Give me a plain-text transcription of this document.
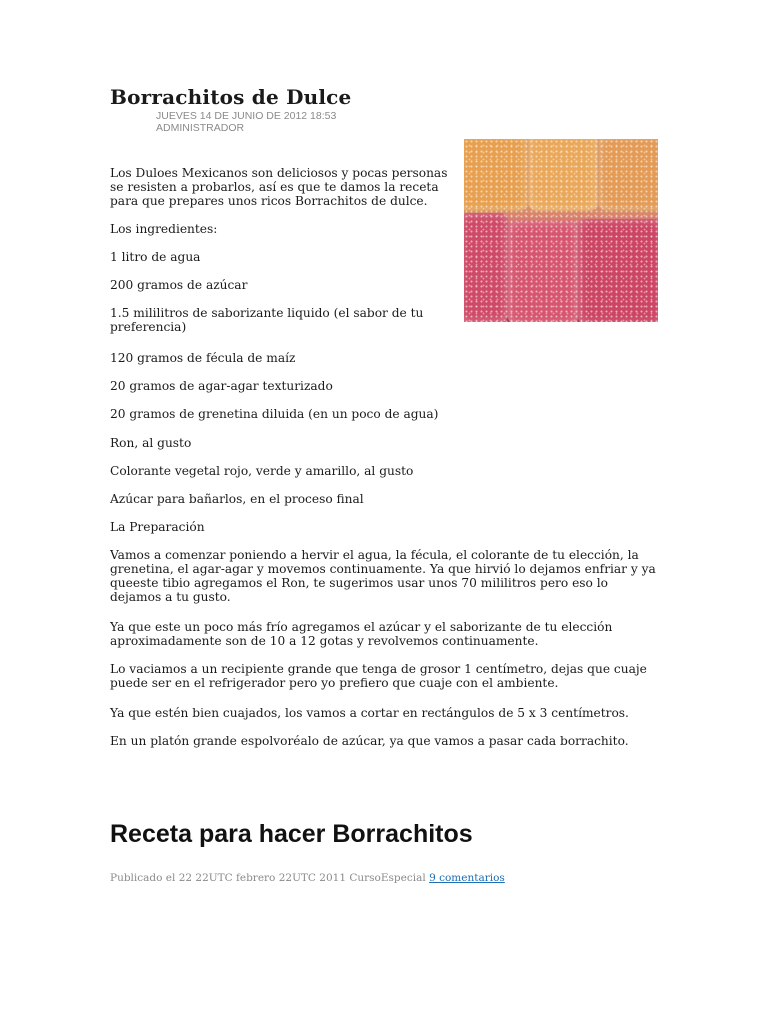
Borrachitos de Dulce
JUEVES 14 DE JUNIO DE 2012 18:53
ADMINISTRADOR

Los Duloes Mexicanos son deliciosos y pocas personas se resisten a probarlos, así es que te damos la receta para que prepares unos ricos Borrachitos de dulce.

Los ingredientes:

1 litro de agua

200 gramos de azúcar

1.5 mililitros de saborizante liquido (el sabor de tu preferencia)

120 gramos de fécula de maíz

20 gramos de agar-agar texturizado

20 gramos de grenetina diluida (en un poco de agua)

Ron, al gusto

Colorante vegetal rojo, verde y amarillo, al gusto

Azúcar para bañarlos, en el proceso final

La Preparación

Vamos a comenzar poniendo a hervir el agua, la fécula, el colorante de tu elección, la grenetina, el agar-agar y movemos continuamente. Ya que hirvió lo dejamos enfriar y ya queeste tibio agregamos el Ron, te sugerimos usar unos 70 mililitros pero eso lo dejamos a tu gusto.

Ya que este un poco más frío agregamos el azúcar y el saborizante de tu elección aproximadamente son de 10 a 12 gotas y revolvemos continuamente.

Lo vaciamos a un recipiente grande que tenga de grosor 1 centímetro, dejas que cuaje puede ser en el refrigerador pero yo prefiero que cuaje con el ambiente.

Ya que estén bien cuajados, los vamos a cortar en rectángulos de 5 x 3 centímetros.

En un platón grande espolvoréalo de azúcar, ya que vamos a pasar cada borrachito.

Receta para hacer Borrachitos
Publicado el 22 22UTC febrero 22UTC 2011 CursoEspecial 9 comentarios
